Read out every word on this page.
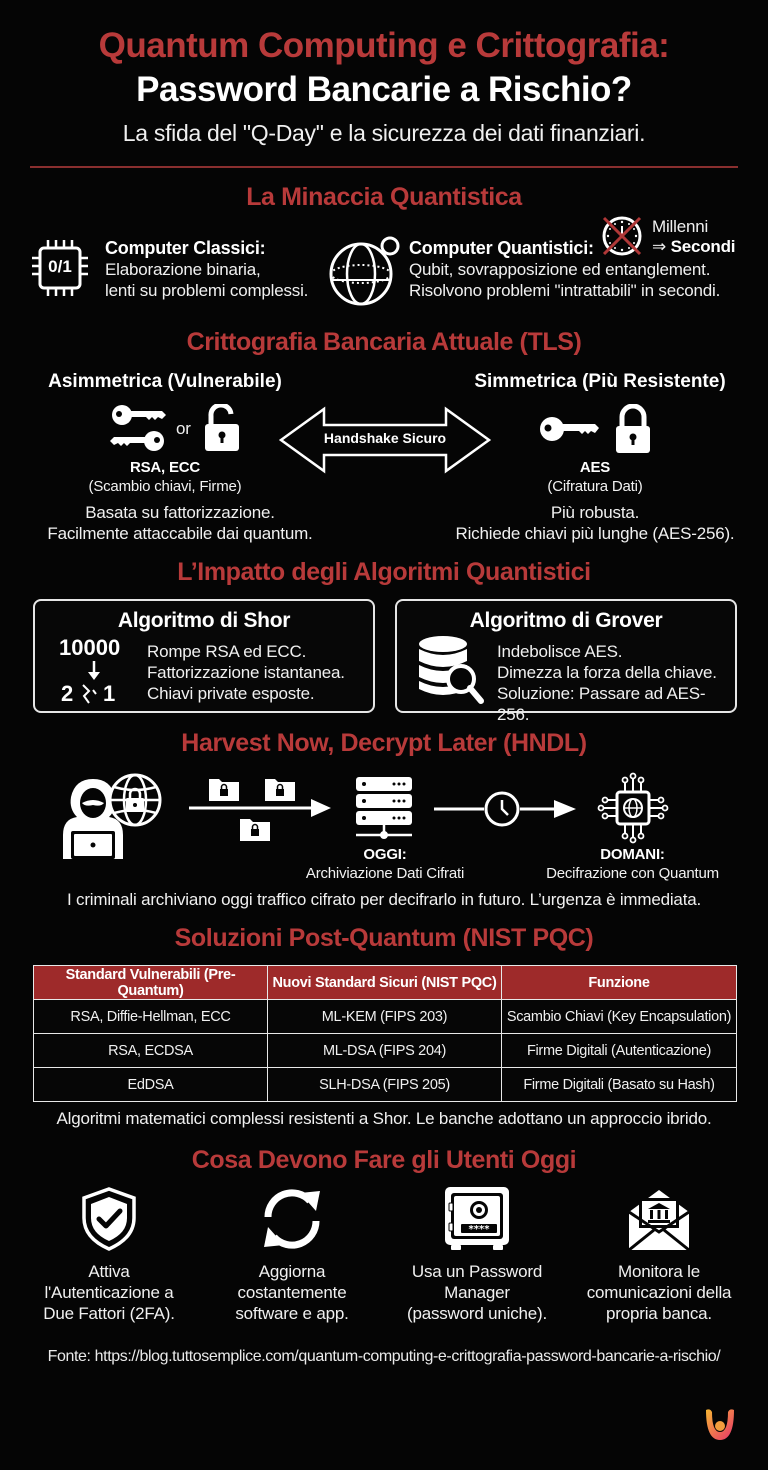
Quantum Computing e Crittografia:
Password Bancarie a Rischio?
La sfida del "Q-Day" e la sicurezza dei dati finanziari.
La Minaccia Quantistica
0/1
Computer Classici:
Elaborazione binaria,
lenti su problemi complessi.
Computer Quantistici:
Qubit, sovrapposizione ed entanglement.
Risolvono problemi "intrattabili" in secondi.
Millenni
⇒ Secondi
Crittografia Bancaria Attuale (TLS)
Asimmetrica (Vulnerabile)
or
RSA, ECC
(Scambio chiavi, Firme)
Basata su fattorizzazione.
Facilmente attaccabile dai quantum.
Handshake Sicuro
Simmetrica (Più Resistente)
AES
(Cifratura Dati)
Più robusta.
Richiede chiavi più lunghe (AES-256).
L’Impatto degli Algoritmi Quantistici
Algoritmo di Shor
10000
2 1
Rompe RSA ed ECC.
Fattorizzazione istantanea.
Chiavi private esposte.
Algoritmo di Grover
Indebolisce AES.
Dimezza la forza della chiave.
Soluzione: Passare ad AES-256.
Harvest Now, Decrypt Later (HNDL)
OGGI:
Archiviazione Dati Cifrati
DOMANI:
Decifrazione con Quantum
I criminali archiviano oggi traffico cifrato per decifrarlo in futuro. L’urgenza è immediata.
Soluzioni Post-Quantum (NIST PQC)
Standard Vulnerabili (Pre-Quantum)	Nuovi Standard Sicuri (NIST PQC)	Funzione
RSA, Diffie-Hellman, ECC	ML-KEM (FIPS 203)	Scambio Chiavi (Key Encapsulation)
RSA, ECDSA	ML-DSA (FIPS 204)	Firme Digitali (Autenticazione)
EdDSA	SLH-DSA (FIPS 205)	Firme Digitali (Basato su Hash)
Algoritmi matematici complessi resistenti a Shor. Le banche adottano un approccio ibrido.
Cosa Devono Fare gli Utenti Oggi
****
Attiva
l'Autenticazione a
Due Fattori (2FA).
Aggiorna
costantemente
software e app.
Usa un Password
Manager
(password uniche).
Monitora le
comunicazioni della
propria banca.
Fonte: https://blog.tuttosemplice.com/quantum-computing-e-crittografia-password-bancarie-a-rischio/
